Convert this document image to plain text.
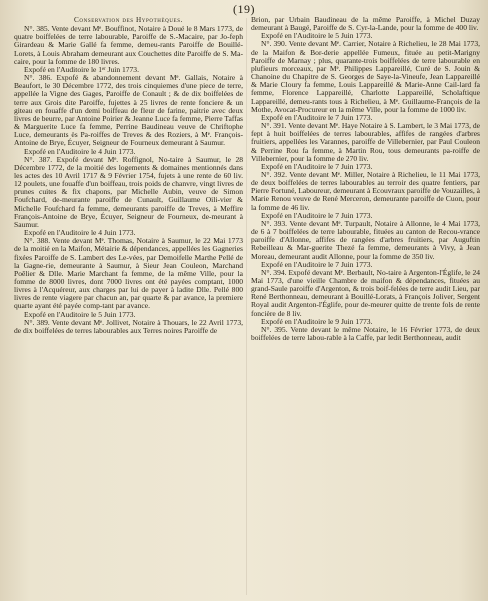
(19)

Conservation des Hypothèques.

N°. 385. Vente devant Mᵉ. Bouffinot, Notaire à Doué le 8 Mars 1773, de quatre boiffelées de terre labourable, Paroiffe de S.-Macaire, par Jo-feph Girardeau & Marie Gallé fa femme, demeu-rants Paroiffe de Bouillé-Lorets, à Louis Abraham demeurant aux Couchettes dite Paroiffe de S. Ma-caire, pour la fomme de 180 livres.

Expofé en l'Auditoire le 1ᵉʳ Juin 1773.

N°. 386. Expofé & abandonnement devant Mᵉ. Gallais, Notaire à Beaufort, le 30 Décembre 1772, des trois cinquiemes d'une piece de terre, appellée la Vigne des Gages, Paroiffe de Conault ; & de dix boiffelées de terre aux Grois dite Paroiffe, fujettes à 25 livres de rente fonciere & un giteau en fouaffe d'un demi boiffeau de fleur de farine, paitrie avec deux livres de beurre, par Antoine Poirier & Jeanne Luce fa femme, Pierre Taffas & Marguerite Luce fa femme, Perrine Baudineau veuve de Chriftophe Luce, demeurants ès Pa-roiffes de Treves & des Roziers, à Mᵉ. François-Antoine de Brye, Écuyer, Seigneur de Fourneux demeurant à Saumur.

Expofé en l'Auditoire le 4 Juin 1773.

N°. 387. Expofé devant Mᵉ. Roffignol, No-taire à Saumur, le 28 Décembre 1772, de la moitié des logements & domaines mentionnés dans les actes des 10 Avril 1717 & 9 Février 1754, fujets à une rente de 60 liv. 12 poulets, une fouaffe d'un boiffeau, trois poids de chanvre, vingt livres de prunes cuites & fix chapons, par Michelle Aubin, veuve de Simon Foufchard, de-meurante paroiffe de Cunault, Guillaume Oili-vier & Michelle Foufchard fa femme, demeurants paroiffe de Treves, à Meffire François-Antoine de Brye, Écuyer, Seigneur de Fourneux, de-meurant à Saumur.

Expofé en l'Auditoire le 4 Juin 1773.

N°. 388. Vente devant Mᵉ. Thomas, Notaire à Saumur, le 22 Mai 1773 de la moitié en la Maifon, Métairie & dépendances, appellées les Gagneries fixées Paroiffe de S. Lambert des Le-vées, par Demoifelle Marthe Pellé de la Gagne-rie, demeurante à Saumur, à Sieur Jean Couleon, Marchand Poêlier & Dlle. Marie Marchant fa femme, de la même Ville, pour la fomme de 8000 livres, dont 7000 livres ont été payées comptant, 1000 livres à l'Acquéreur, aux charges par lui de payer à ladite Dlle. Pellé 800 livres de rente viagere par chacun an, par quarte & par avance, la premiere quarte ayant été payée comp-tant par avance.

Expofé en l'Auditoire le 5 Juin 1773.

N°. 389. Vente devant Mᵉ. Jollivet, Notaire à Thouars, le 22 Avril 1773, de dix boiffelées de terres labourables aux Terres noires Paroiffe de

Brion, par Urbain Baudineau de la même Paroiffe, à Michel Duzay demeurant à Baugé, Paroiffe de S. Cyr-la-Lande, pour la fomme de 400 liv.

Expofé en l'Auditoire le 5 Juin 1773.

N°. 390. Vente devant Mᵉ. Carrier, Notaire à Richelieu, le 28 Mai 1773, de la Maifon & Bor-derie appellée Fumeux, fituée au petit-Marigny Paroiffe de Marnay ; plus, quarante-trois boiffelées de terre labourable en plufieurs morceaux, par Mᵉ. Philippes Lappareillé, Curé de S. Jouin & Chanoine du Chapitre de S. Georges de Saye-la-Vineufe, Jean Lappareillé & Marie Cloury fa femme, Louis Lappareillé & Marie-Anne Cail-lard fa femme, Florence Lappareillé, Charlotte Lappareillé, Scholaftique Lappareillé, demeu-rants tous à Richelieu, à Mᵉ. Guillaume-François de la Mothe, Avocat-Procureur en la même Ville, pour la fomme de 1000 liv.

Expofé en l'Auditoire le 7 Juin 1773.

N°. 391. Vente devant Mᵉ. Haye Notaire à S. Lambert, le 3 Mai 1773, de fept à huit boiffelées de terres labourables, affifes de rangées d'arbres fruitiers, appellées les Varannes, paroiffe de Villebernier, par Paul Couleon & Perrine Rou fa femme, à Martin Rou, tous demeurants pa-roiffe de Villebernier, pour la fomme de 270 liv.

Expofé en l'Auditoire le 7 Juin 1773.

N°. 392. Vente devant Mᵉ. Miller, Notaire à Richelieu, le 11 Mai 1773, de deux boiffelées de terres labourables au terroir des quatre fentiers, par Pierre Fortuné, Laboureur, demeurant à Ecouvraux paroiffe de Vouzailles, à Marie Renou veuve de René Merceron, demeurante paroiffe de Cuon, pour la fomme de 46 liv.

Expofé en l'Auditoire le 7 Juin 1773.

N°. 393. Vente devant Mᵉ. Turpault, Notaire à Allonne, le 4 Mai 1773, de 6 à 7 boiffelées de terre labourable, fituées au canton de Recou-vrance paroiffe d'Allonne, affifes de rangées d'arbres fruitiers, par Auguftin Rebeilleau & Mar-guerite Thezé fa femme, demeurants à Vivy, à Jean Moreau, demeurant audit Allonne, pour la fomme de 350 liv.

Expofé en l'Auditoire le 7 Juin 1773.

N°. 394. Expofé devant Mᵉ. Berbault, No-taire à Argenton-l'Églife, le 24 Mai 1773, d'une vieille Chambre de maifon & dépendances, fituées au grand-Saule paroiffe d'Argenton, & trois boif-felées de terre audit Lieu, par René Berthonneau, demeurant à Bouillé-Lorats, à François Joliver, Sergent Royal audit Argenton-l'Églife, pour de-meurer quitte de trente fols de rente foncière de 8 liv.

Expofé en l'Auditoire le 9 Juin 1773.

N°. 395. Vente devant le même Notaire, le 16 Février 1773, de deux boiffelées de terre labou-rable à la Caffe, par ledit Berthonneau, audit
